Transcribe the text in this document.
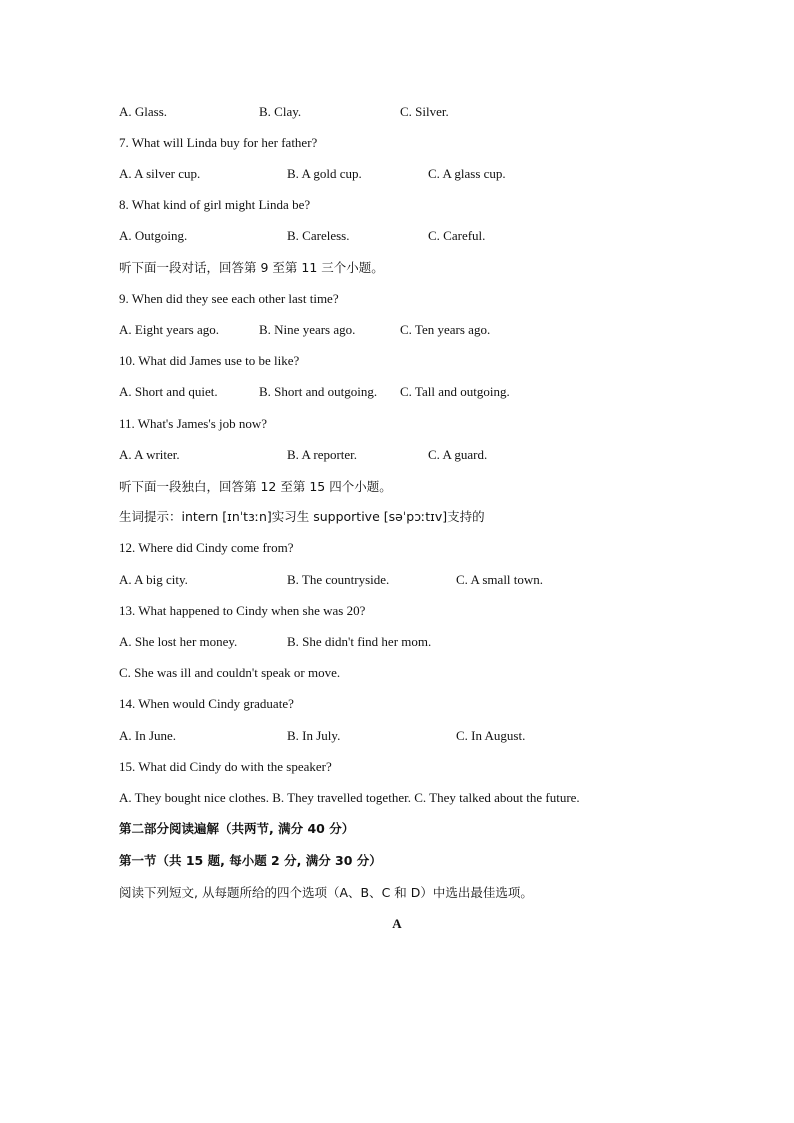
A. Glass.	B. Clay.	C. Silver.
7. What will Linda buy for her father?
A. A silver cup.	B. A gold cup.	C. A glass cup.
8. What kind of girl might Linda be?
A. Outgoing.	B. Careless.	C. Careful.
听下面一段对话，回答第 9 至第 11 三个小题。
9. When did they see each other last time?
A. Eight years ago.	B. Nine years ago.	C. Ten years ago.
10. What did James use to be like?
A. Short and quiet.	B. Short and outgoing. C. Tall and outgoing.
11. What's James's job now?
A. A writer.	B. A reporter.	C. A guard.
听下面一段独白，回答第 12 至第 15 四个小题。
生词提示：intern [ɪnˈtɜːn]实习生 supportive [səˈpɔːtɪv]支持的
12. Where did Cindy come from?
A. A big city.	B. The countryside.	C. A small town.
13. What happened to Cindy when she was 20?
A. She lost her money.	B. She didn't find her mom.
C. She was ill and couldn't speak or move.
14. When would Cindy graduate?
A. In June.	B. In July.	C. In August.
15. What did Cindy do with the speaker?
A. They bought nice clothes. B. They travelled together. C. They talked about the future.
第二部分阅读遍解（共两节, 满分 40 分）
第一节（共 15 题, 每小题 2 分, 满分 30 分）
阅读下列短文, 从每题所给的四个选项（A、B、C 和 D）中选出最佳选项。
A
